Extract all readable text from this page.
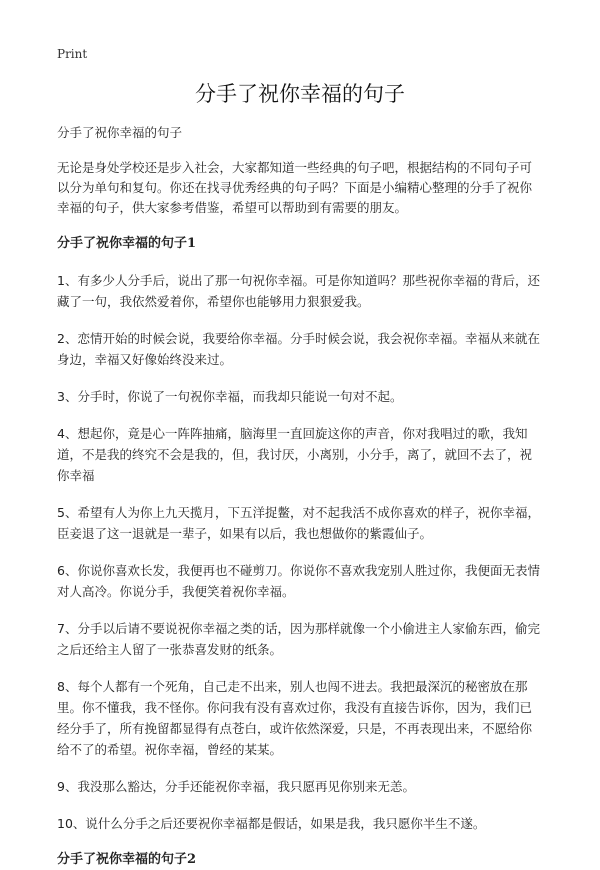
Print
分手了祝你幸福的句子

分手了祝你幸福的句子

无论是身处学校还是步入社会，大家都知道一些经典的句子吧，根据结构的不同句子可以分为单句和复句。你还在找寻优秀经典的句子吗？下面是小编精心整理的分手了祝你幸福的句子，供大家参考借鉴，希望可以帮助到有需要的朋友。

分手了祝你幸福的句子1
1、有多少人分手后，说出了那一句祝你幸福。可是你知道吗？那些祝你幸福的背后，还藏了一句，我依然爱着你，希望你也能够用力狠狠爱我。
2、恋情开始的时候会说，我要给你幸福。分手时候会说，我会祝你幸福。幸福从来就在身边，幸福又好像始终没来过。
3、分手时，你说了一句祝你幸福，而我却只能说一句对不起。
4、想起你，竟是心一阵阵抽痛，脑海里一直回旋这你的声音，你对我唱过的歌，我知道，不是我的终究不会是我的，但，我讨厌，小离别，小分手，离了，就回不去了，祝你幸福
5、希望有人为你上九天揽月，下五洋捉鳖，对不起我活不成你喜欢的样子，祝你幸福，臣妾退了这一退就是一辈子，如果有以后，我也想做你的紫霞仙子。
6、你说你喜欢长发，我便再也不碰剪刀。你说你不喜欢我宠别人胜过你，我便面无表情对人高冷。你说分手，我便笑着祝你幸福。
7、分手以后请不要说祝你幸福之类的话，因为那样就像一个小偷进主人家偷东西，偷完之后还给主人留了一张恭喜发财的纸条。
8、每个人都有一个死角，自己走不出来，别人也闯不进去。我把最深沉的秘密放在那里。你不懂我，我不怪你。你问我有没有喜欢过你，我没有直接告诉你，因为，我们已经分手了，所有挽留都显得有点苍白，或许依然深爱，只是，不再表现出来，不愿给你给不了的希望。祝你幸福，曾经的某某。
9、我没那么豁达，分手还能祝你幸福，我只愿再见你别来无恙。
10、说什么分手之后还要祝你幸福都是假话，如果是我，我只愿你半生不遂。
分手了祝你幸福的句子2
